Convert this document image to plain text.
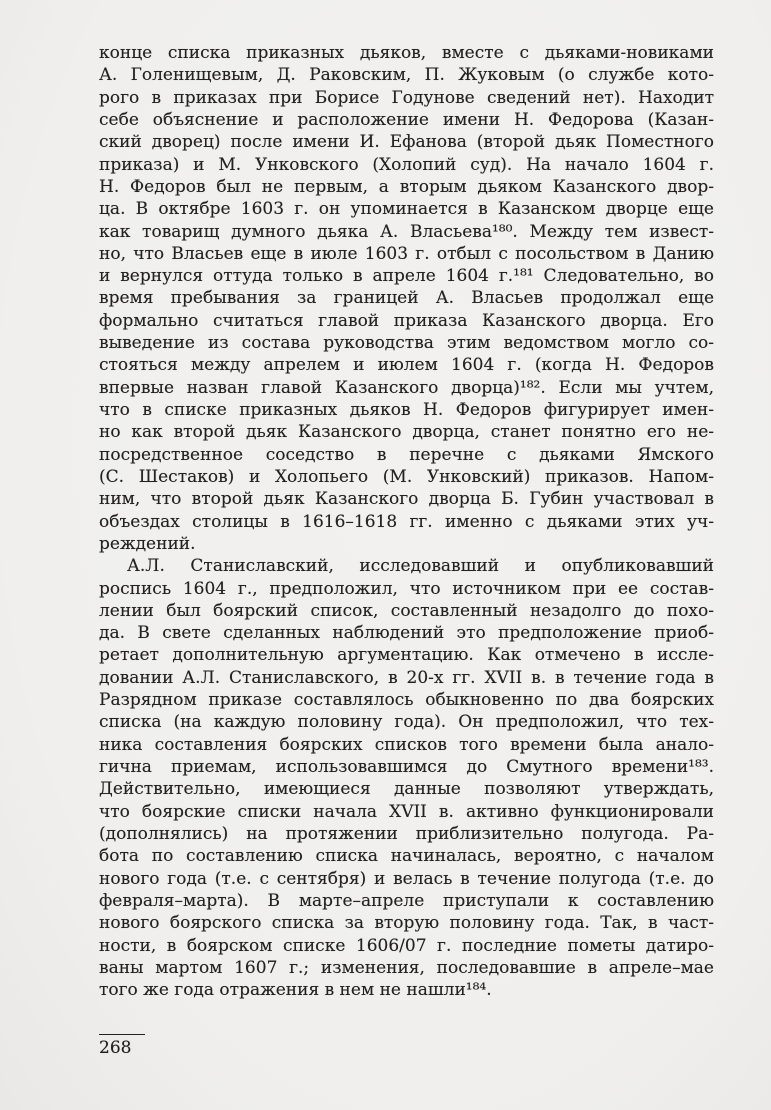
конце списка приказных дьяков, вместе с дьяками-новиками
А. Голенищевым, Д. Раковским, П. Жуковым (о службе кото-
рого в приказах при Борисе Годунове сведений нет). Находит
себе объяснение и расположение имени Н. Федорова (Казан-
ский дворец) после имени И. Ефанова (второй дьяк Поместного
приказа) и М. Унковского (Холопий суд). На начало 1604 г.
Н. Федоров был не первым, а вторым дьяком Казанского двор-
ца. В октябре 1603 г. он упоминается в Казанском дворце еще
как товарищ думного дьяка А. Власьева¹⁸⁰. Между тем извест-
но, что Власьев еще в июле 1603 г. отбыл с посольством в Данию
и вернулся оттуда только в апреле 1604 г.¹⁸¹ Следовательно, во
время пребывания за границей А. Власьев продолжал еще
формально считаться главой приказа Казанского дворца. Его
выведение из состава руководства этим ведомством могло со-
стояться между апрелем и июлем 1604 г. (когда Н. Федоров
впервые назван главой Казанского дворца)¹⁸². Если мы учтем,
что в списке приказных дьяков Н. Федоров фигурирует имен-
но как второй дьяк Казанского дворца, станет понятно его не-
посредственное соседство в перечне с дьяками Ямского
(С. Шестаков) и Холопьего (М. Унковский) приказов. Напом-
ним, что второй дьяк Казанского дворца Б. Губин участвовал в
объездах столицы в 1616–1618 гг. именно с дьяками этих уч-
реждений.
А.Л. Станиславский, исследовавший и опубликовавший
роспись 1604 г., предположил, что источником при ее состав-
лении был боярский список, составленный незадолго до похо-
да. В свете сделанных наблюдений это предположение приоб-
ретает дополнительную аргументацию. Как отмечено в иссле-
довании А.Л. Станиславского, в 20-х гг. XVII в. в течение года в
Разрядном приказе составлялось обыкновенно по два боярских
списка (на каждую половину года). Он предположил, что тех-
ника составления боярских списков того времени была анало-
гична приемам, использовавшимся до Смутного времени¹⁸³.
Действительно, имеющиеся данные позволяют утверждать,
что боярские списки начала XVII в. активно функционировали
(дополнялись) на протяжении приблизительно полугода. Ра-
бота по составлению списка начиналась, вероятно, с началом
нового года (т.е. с сентября) и велась в течение полугода (т.е. до
февраля–марта). В марте–апреле приступали к составлению
нового боярского списка за вторую половину года. Так, в част-
ности, в боярском списке 1606/07 г. последние пометы датиро-
ваны мартом 1607 г.; изменения, последовавшие в апреле–мае
того же года отражения в нем не нашли¹⁸⁴.
268
